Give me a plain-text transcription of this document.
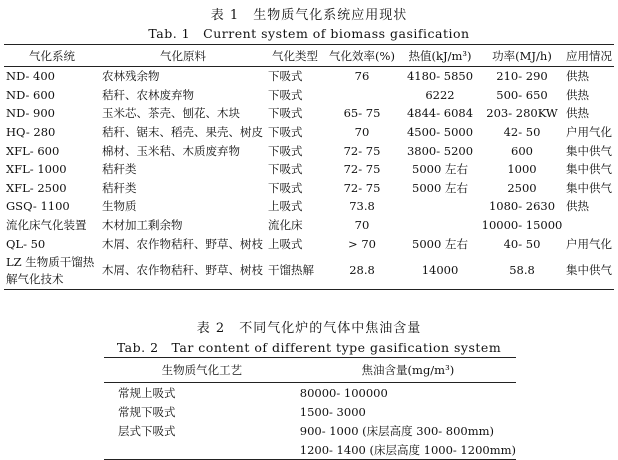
表 1　生物质气化系统应用现状
Tab. 1　Current system of biomass gasification
气化系统	气化原料	气化类型	气化效率(%)	热值(kJ/m³)	功率(MJ/h)	应用情况
ND- 400	农林残余物	下吸式	76	4180- 5850	210- 290	供热
ND- 600	秸秆、农林废弃物	下吸式		6222	500- 650	供热
ND- 900	玉米芯、茶壳、刨花、木块	下吸式	65- 75	4844- 6084	203- 280KW	供热
HQ- 280	秸秆、锯末、稻壳、果壳、树皮	下吸式	70	4500- 5000	42- 50	户用气化
XFL- 600	棉材、玉米秸、木质废弃物	下吸式	72- 75	3800- 5200	600	集中供气
XFL- 1000	秸秆类	下吸式	72- 75	5000 左右	1000	集中供气
XFL- 2500	秸秆类	下吸式	72- 75	5000 左右	2500	集中供气
GSQ- 1100	生物质	上吸式	73.8		1080- 2630	供热
流化床气化装置	木材加工剩余物	流化床	70		10000- 15000	
QL- 50	木屑、农作物秸秆、野草、树枝	上吸式	> 70	5000 左右	40- 50	户用气化
LZ 生物质干馏热
解气化技术	木屑、农作物秸秆、野草、树枝	干馏热解	28.8	14000	58.8	集中供气
表 2　不同气化炉的气体中焦油含量
Tab. 2　Tar content of different type gasification system
生物质气化工艺	焦油含量(mg/m³)
常规上吸式	80000- 100000
常规下吸式	1500- 3000
层式下吸式	900- 1000 (床层高度 300- 800mm)
	1200- 1400 (床层高度 1000- 1200mm)
